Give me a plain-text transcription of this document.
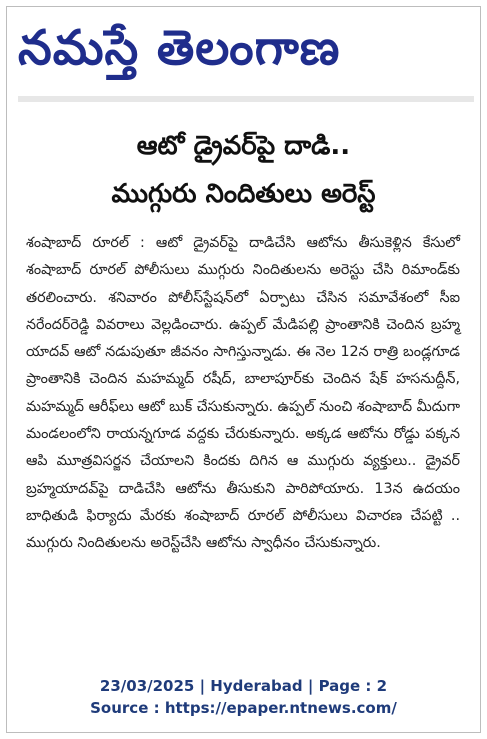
నమస్తే తెలంగాణ
ఆటో డ్రైవర్‌పై దాడి..
ముగ్గురు నిందితులు అరెస్ట్

శంషాబాద్ రూరల్ : ఆటో డ్రైవర్‌పై దాడిచేసి ఆటోను తీసుకెళ్లిన కేసులో శంషాబాద్ రూరల్ పోలీసులు ముగ్గురు నిందితులను అరెస్టు చేసి రిమాండ్‌కు తరలించారు. శనివారం పోలీస్‌స్టేషన్‌లో ఏర్పాటు చేసిన సమావేశంలో సీఐ నరేందర్‌రెడ్డి వివరాలు వెల్లడించారు. ఉప్పల్ మేడిపల్లి ప్రాంతానికి చెందిన బ్రహ్మ యాదవ్ ఆటో నడుపుతూ జీవనం సాగిస్తున్నాడు. ఈ నెల 12న రాత్రి బండ్లగూడ ప్రాంతానికి చెందిన మహమ్మద్ రషీద్, బాలాపూర్‌కు చెందిన షేక్ హసనుద్దీన్, మహమ్మద్ ఆరీఫ్‌లు ఆటో బుక్ చేసుకున్నారు. ఉప్పల్ నుంచి శంషాబాద్ మీదుగా మండలంలోని రాయన్నగూడ వద్దకు చేరుకున్నారు. అక్కడ ఆటోను రోడ్డు పక్కన ఆపి మూత్రవిసర్జన చేయాలని కిందకు దిగిన ఆ ముగ్గురు వ్యక్తులు.. డ్రైవర్ బ్రహ్మయాదవ్‌పై దాడిచేసి ఆటోను తీసుకుని పారిపోయారు. 13న ఉదయం బాధితుడి ఫిర్యాదు మేరకు శంషాబాద్ రూరల్ పోలీసులు విచారణ చేపట్టి .. ముగ్గురు నిందితులను అరెస్ట్‌చేసి ఆటోను స్వాధీనం చేసుకున్నారు.

23/03/2025 | Hyderabad | Page : 2
Source : https://epaper.ntnews.com/
